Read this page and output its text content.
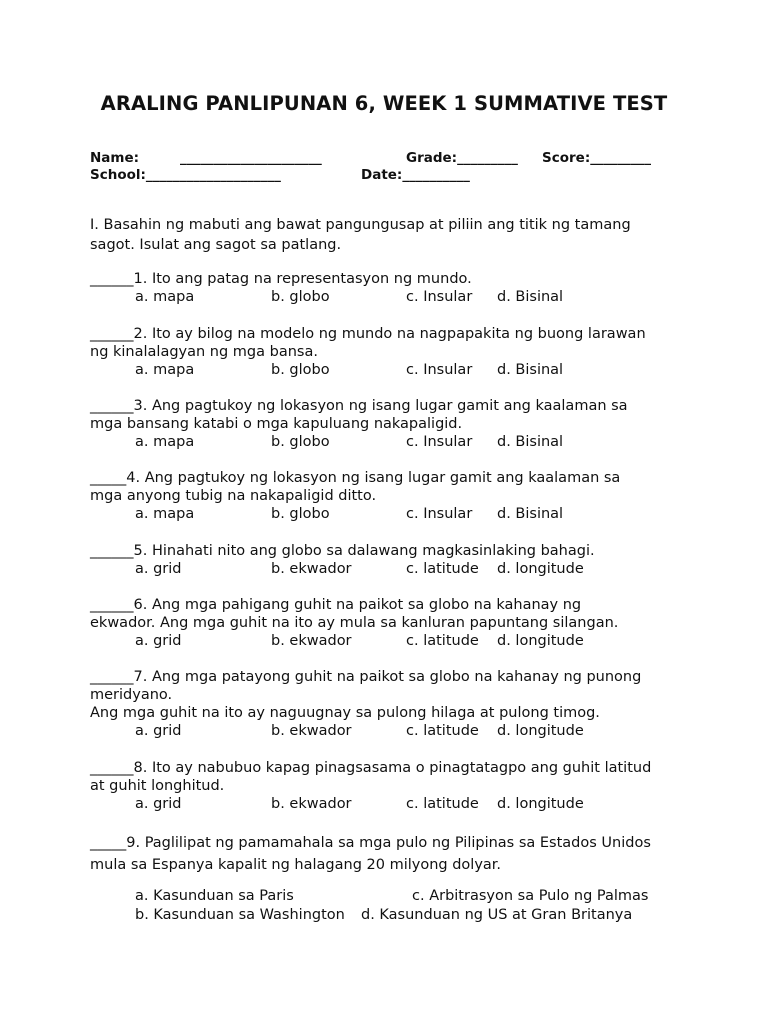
ARALING PANLIPUNAN 6, WEEK 1 SUMMATIVE TEST
Name:	_____________________	Grade:_________ Score:_________
School:____________________	Date:__________
I. Basahin ng mabuti ang bawat pangungusap at piliin ang titik ng tamang
sagot. Isulat ang sagot sa patlang.
______1. Ito ang patag na representasyon ng mundo.
a. mapa	b. globo	c. Insular d. Bisinal
______2. Ito ay bilog na modelo ng mundo na nagpapakita ng buong larawan
ng kinalalagyan ng mga bansa.
a. mapa	b. globo	c. Insular d. Bisinal
______3. Ang pagtukoy ng lokasyon ng isang lugar gamit ang kaalaman sa
mga bansang katabi o mga kapuluang nakapaligid.
a. mapa	b. globo	c. Insular d. Bisinal
_____4. Ang pagtukoy ng lokasyon ng isang lugar gamit ang kaalaman sa
mga anyong tubig na nakapaligid ditto.
a. mapa	b. globo	c. Insular d. Bisinal
______5. Hinahati nito ang globo sa dalawang magkasinlaking bahagi.
a. grid	b. ekwador	c. latitude d. longitude
______6. Ang mga pahigang guhit na paikot sa globo na kahanay ng
ekwador. Ang mga guhit na ito ay mula sa kanluran papuntang silangan.
a. grid	b. ekwador	c. latitude d. longitude
______7. Ang mga patayong guhit na paikot sa globo na kahanay ng punong
meridyano.
Ang mga guhit na ito ay naguugnay sa pulong hilaga at pulong timog.
a. grid	b. ekwador	c. latitude d. longitude
______8. Ito ay nabubuo kapag pinagsasama o pinagtatagpo ang guhit latitud
at guhit longhitud.
a. grid	b. ekwador	c. latitude d. longitude
_____9. Paglilipat ng pamamahala sa mga pulo ng Pilipinas sa Estados Unidos
mula sa Espanya kapalit ng halagang 20 milyong dolyar.
a. Kasunduan sa Paris	c. Arbitrasyon sa Pulo ng Palmas
b. Kasunduan sa Washington d. Kasunduan ng US at Gran Britanya
